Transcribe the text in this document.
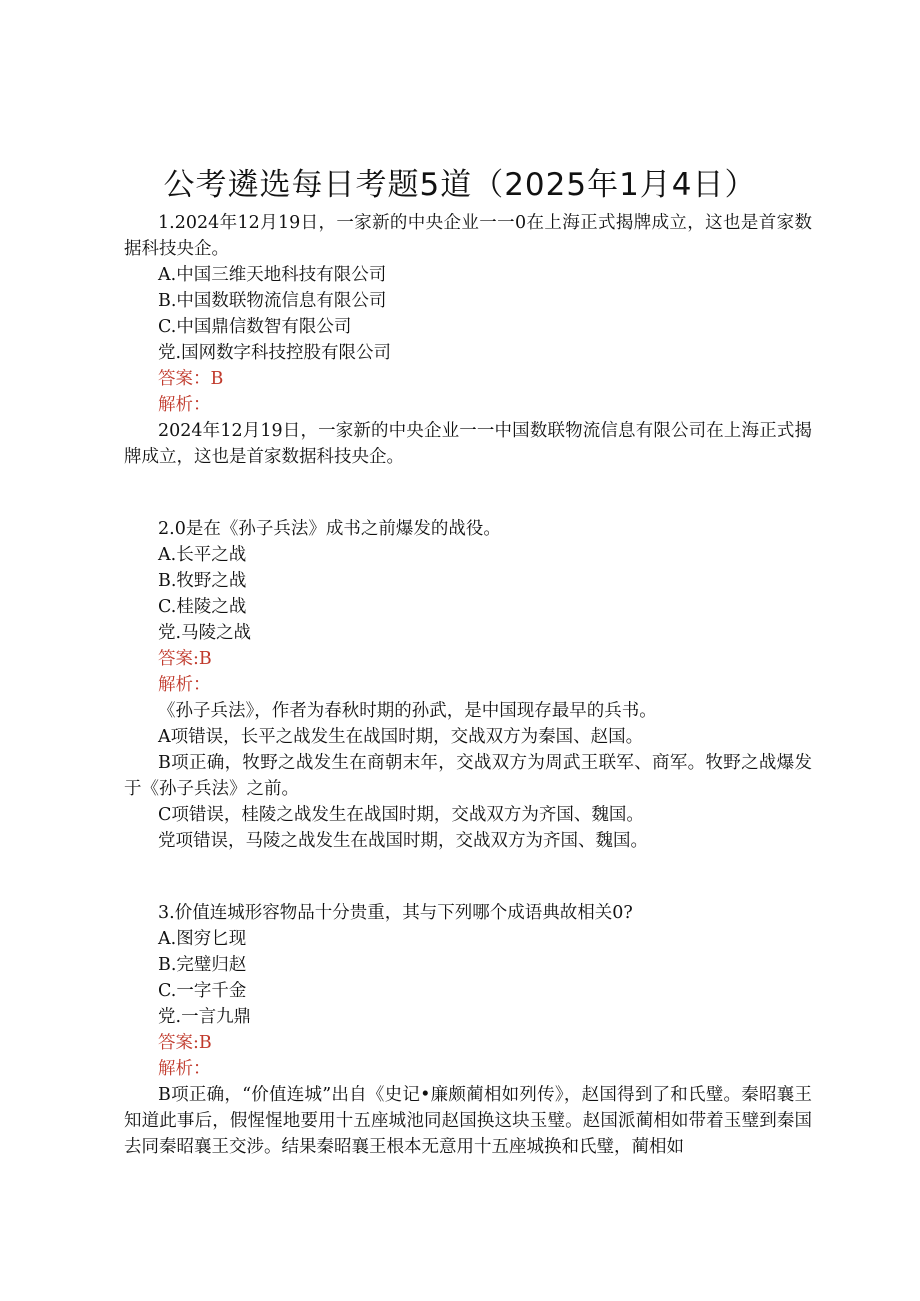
公考遴选每日考题5道（2025年1月4日）

1.2024年12月19日，一家新的中央企业一一0在上海正式揭牌成立，这也是首家数据科技央企。

A.中国三维天地科技有限公司

B.中国数联物流信息有限公司

C.中国鼎信数智有限公司

党.国网数字科技控股有限公司

答案：B

解析：

2024年12月19日，一家新的中央企业一一中国数联物流信息有限公司在上海正式揭牌成立，这也是首家数据科技央企。

2.0是在《孙子兵法》成书之前爆发的战役。

A.长平之战

B.牧野之战

C.桂陵之战

党.马陵之战

答案:B

解析：

《孙子兵法》，作者为春秋时期的孙武，是中国现存最早的兵书。

A项错误，长平之战发生在战国时期，交战双方为秦国、赵国。

B项正确，牧野之战发生在商朝末年，交战双方为周武王联军、商军。牧野之战爆发于《孙子兵法》之前。

C项错误，桂陵之战发生在战国时期，交战双方为齐国、魏国。

党项错误，马陵之战发生在战国时期，交战双方为齐国、魏国。

3.价值连城形容物品十分贵重，其与下列哪个成语典故相关0?

A.图穷匕现

B.完璧归赵

C.一字千金

党.一言九鼎

答案:B

解析：

B项正确，“价值连城”出自《史记•廉颇蔺相如列传》，赵国得到了和氏璧。秦昭襄王知道此事后，假惺惺地要用十五座城池同赵国换这块玉璧。赵国派蔺相如带着玉璧到秦国去同秦昭襄王交涉。结果秦昭襄王根本无意用十五座城换和氏璧，蔺相如
